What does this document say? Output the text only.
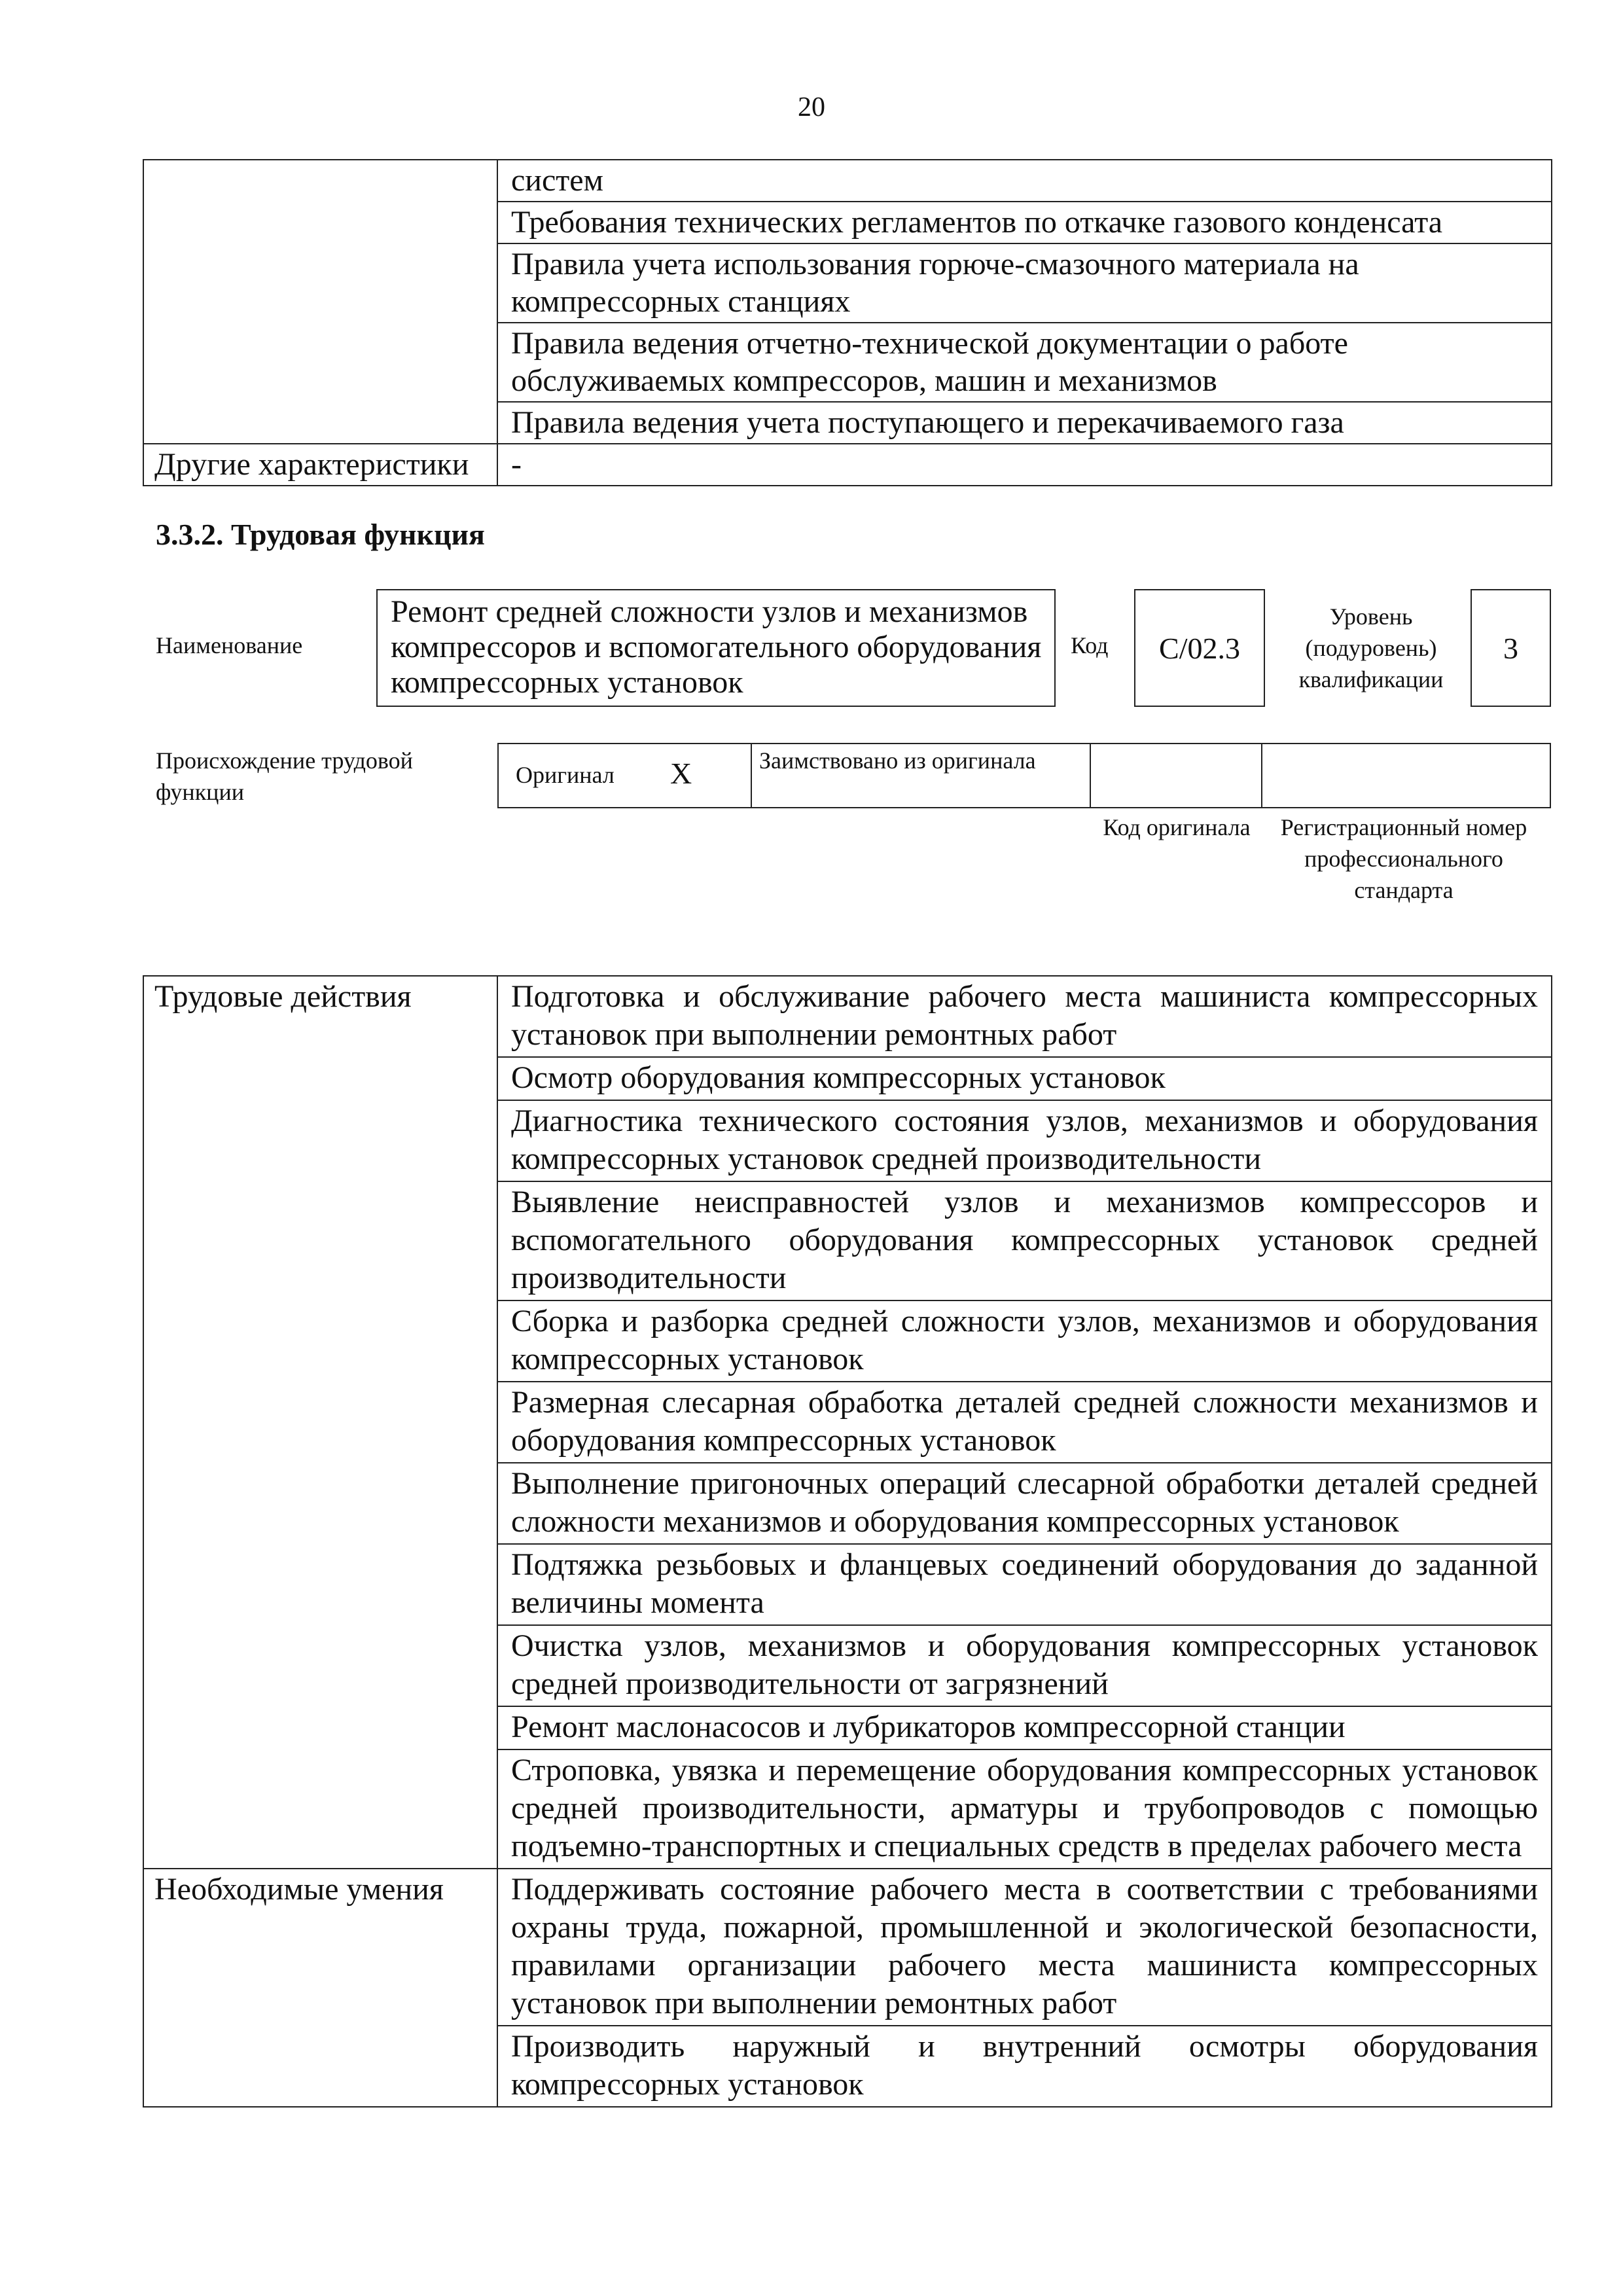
20
	систем
	Требования технических регламентов по откачке газового конденсата
	Правила учета использования горюче-смазочного материала на компрессорных станциях
	Правила ведения отчетно-технической документации о работе обслуживаемых компрессоров, машин и механизмов
	Правила ведения учета поступающего и перекачиваемого газа
Другие характеристики	-
3.3.2. Трудовая функция
Наименование
Ремонт средней сложности узлов и механизмов компрессоров и вспомогательного оборудования компрессорных установок
Код C/02.3
Уровень
(подуровень)
квалификации
3
Происхождение трудовой функции
Оригинал X	Заимствовано из оригинала
Код оригинала	Регистрационный номер профессионального стандарта
Трудовые действия	Подготовка и обслуживание рабочего места машиниста компрессорных установок при выполнении ремонтных работ
	Осмотр оборудования компрессорных установок
	Диагностика технического состояния узлов, механизмов и оборудования компрессорных установок средней производительности
	Выявление неисправностей узлов и механизмов компрессоров и вспомогательного оборудования компрессорных установок средней производительности
	Сборка и разборка средней сложности узлов, механизмов и оборудования компрессорных установок
	Размерная слесарная обработка деталей средней сложности механизмов и оборудования компрессорных установок
	Выполнение пригоночных операций слесарной обработки деталей средней сложности механизмов и оборудования компрессорных установок
	Подтяжка резьбовых и фланцевых соединений оборудования до заданной величины момента
	Очистка узлов, механизмов и оборудования компрессорных установок средней производительности от загрязнений
	Ремонт маслонасосов и лубрикаторов компрессорной станции
	Строповка, увязка и перемещение оборудования компрессорных установок средней производительности, арматуры и трубопроводов с помощью подъемно-транспортных и специальных средств в пределах рабочего места
Необходимые умения	Поддерживать состояние рабочего места в соответствии с требованиями охраны труда, пожарной, промышленной и экологической безопасности, правилами организации рабочего места машиниста компрессорных установок при выполнении ремонтных работ
	Производить наружный и внутренний осмотры оборудования компрессорных установок
